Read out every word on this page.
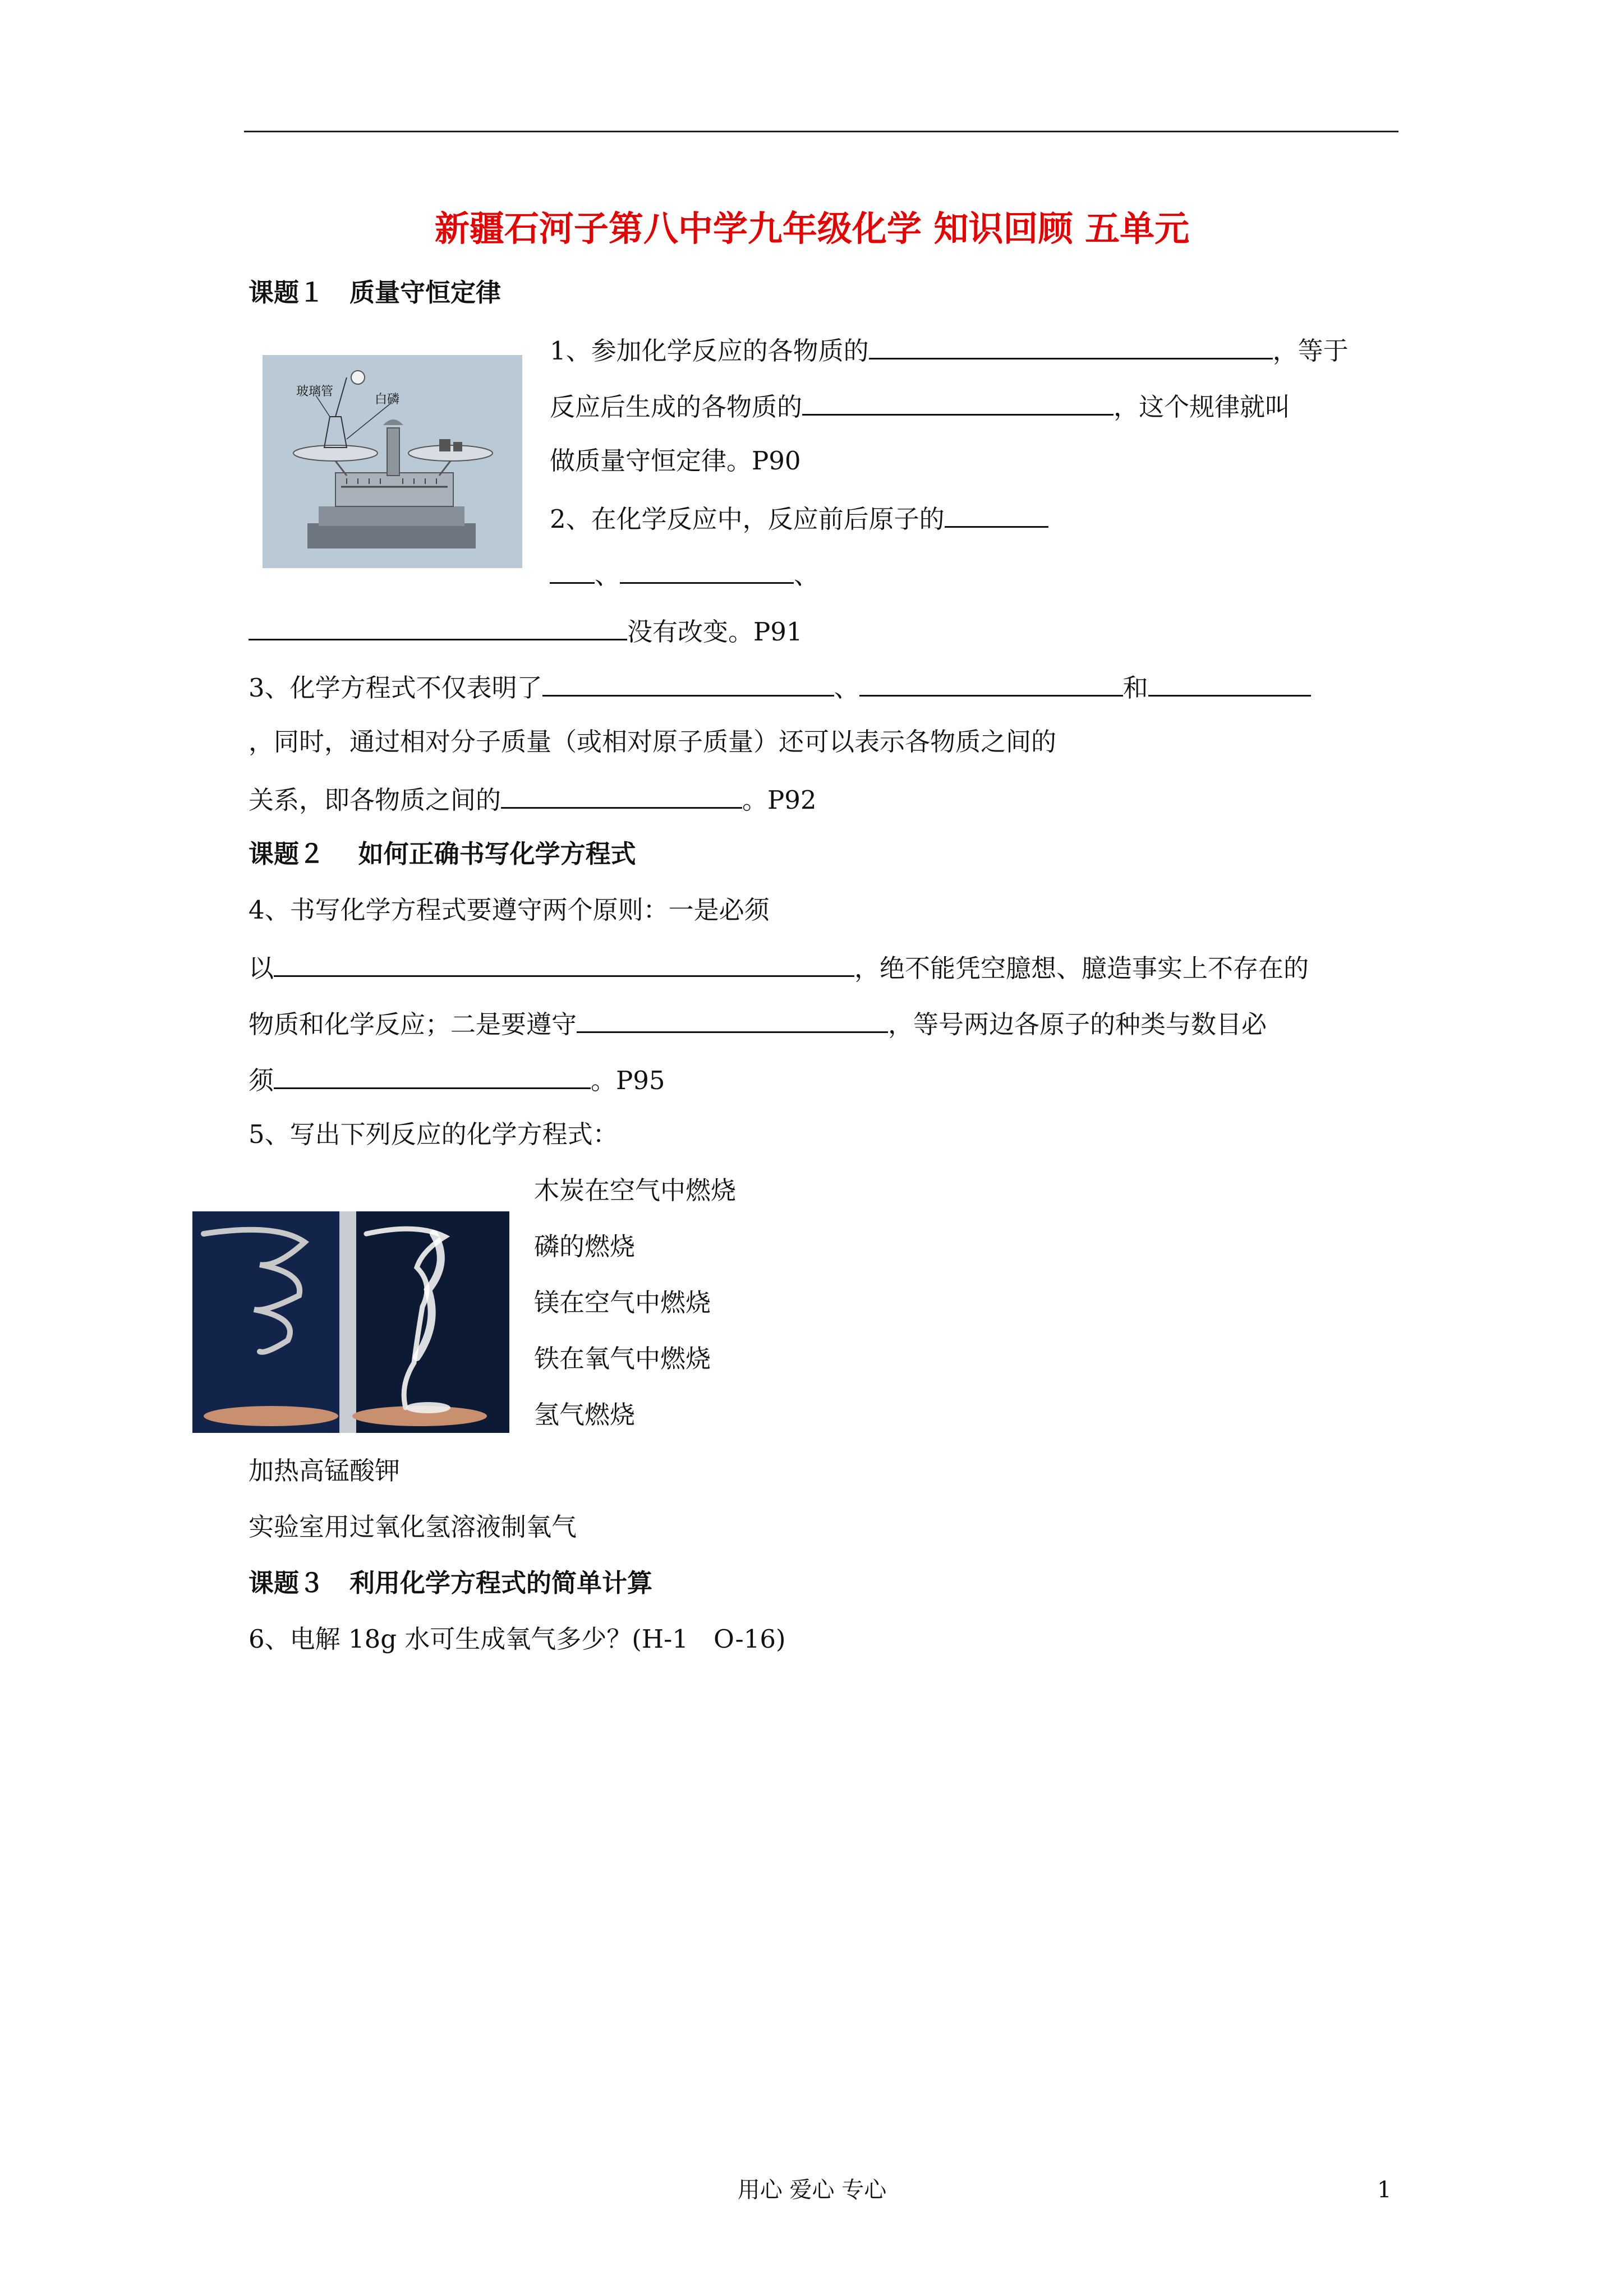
新疆石河子第八中学九年级化学 知识回顾 五单元
课题１　质量守恒定律
玻璃管
白磷
1、参加化学反应的各物质的	，等于
反应后生成的各物质的	，这个规律就叫
做质量守恒定律。P90
2、在化学反应中，反应前后原子的
、	、
没有改变。P91
3、化学方程式不仅表明了	、	和
，同时，通过相对分子质量（或相对原子质量）还可以表示各物质之间的
关系，即各物质之间的	。P92
课题２　 如何正确书写化学方程式
4、书写化学方程式要遵守两个原则：一是必须
以	，绝不能凭空臆想、臆造事实上不存在的
物质和化学反应；二是要遵守	，等号两边各原子的种类与数目必
须	。P95
5、写出下列反应的化学方程式：
木炭在空气中燃烧
磷的燃烧
镁在空气中燃烧
铁在氧气中燃烧
氢气燃烧
加热高锰酸钾
实验室用过氧化氢溶液制氧气
课题３　利用化学方程式的简单计算
6、电解 18g 水可生成氧气多少？(H-1　O-16)
用心 爱心 专心	1
